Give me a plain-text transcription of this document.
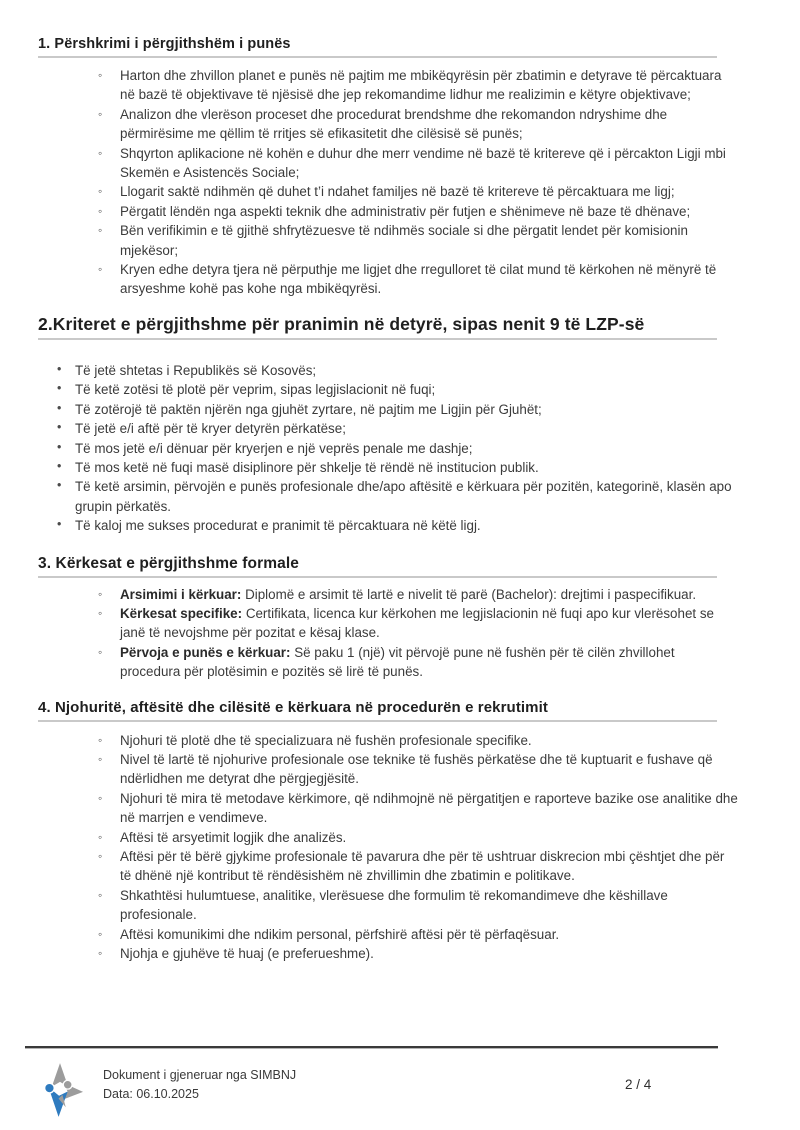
1. Përshkrimi i përgjithshëm i punës
◦ Harton dhe zhvillon planet e punës në pajtim me mbikëqyrësin për zbatimin e detyrave të përcaktuara në bazë të objektivave të njësisë dhe jep rekomandime lidhur me realizimin e këtyre objektivave;
◦ Analizon dhe vlerëson proceset dhe procedurat brendshme dhe rekomandon ndryshime dhe përmirësime me qëllim të rritjes së efikasitetit dhe cilësisë së punës;
◦ Shqyrton aplikacione në kohën e duhur dhe merr vendime në bazë të kritereve që i përcakton Ligji mbi Skemën e Asistencës Sociale;
◦ Llogarit saktë ndihmën që duhet t’i ndahet familjes në bazë të kritereve të përcaktuara me ligj;
◦ Përgatit lëndën nga aspekti teknik dhe administrativ për futjen e shënimeve në baze të dhënave;
◦ Bën verifikimin e të gjithë shfrytëzuesve të ndihmës sociale si dhe përgatit lendet për komisionin mjekësor;
◦ Kryen edhe detyra tjera në përputhje me ligjet dhe rregulloret të cilat mund të kërkohen në mënyrë të arsyeshme kohë pas kohe nga mbikëqyrësi.
2.Kriteret e përgjithshme për pranimin në detyrë, sipas nenit 9 të LZP-së
• Të jetë shtetas i Republikës së Kosovës;
• Të ketë zotësi të plotë për veprim, sipas legjislacionit në fuqi;
• Të zotërojë të paktën njërën nga gjuhët zyrtare, në pajtim me Ligjin për Gjuhët;
• Të jetë e/i aftë për të kryer detyrën përkatëse;
• Të mos jetë e/i dënuar për kryerjen e një veprës penale me dashje;
• Të mos ketë në fuqi masë disiplinore për shkelje të rëndë në institucion publik.
• Të ketë arsimin, përvojën e punës profesionale dhe/apo aftësitë e kërkuara për pozitën, kategorinë, klasën apo grupin përkatës.
• Të kaloj me sukses procedurat e pranimit të përcaktuara në këtë ligj.
3. Kërkesat e përgjithshme formale
◦ Arsimimi i kërkuar: Diplomë e arsimit të lartë e nivelit të parë (Bachelor): drejtimi i paspecifikuar.
◦ Kërkesat specifike: Certifikata, licenca kur kërkohen me legjislacionin në fuqi apo kur vlerësohet se janë të nevojshme për pozitat e kësaj klase.
◦ Përvoja e punës e kërkuar: Së paku 1 (një) vit përvojë pune në fushën për të cilën zhvillohet procedura për plotësimin e pozitës së lirë të punës.
4. Njohuritë, aftësitë dhe cilësitë e kërkuara në procedurën e rekrutimit
◦ Njohuri të plotë dhe të specializuara në fushën profesionale specifike.
◦ Nivel të lartë të njohurive profesionale ose teknike të fushës përkatëse dhe të kuptuarit e fushave që ndërlidhen me detyrat dhe përgjegjësitë.
◦ Njohuri të mira të metodave kërkimore, që ndihmojnë në përgatitjen e raporteve bazike ose analitike dhe në marrjen e vendimeve.
◦ Aftësi të arsyetimit logjik dhe analizës.
◦ Aftësi për të bërë gjykime profesionale të pavarura dhe për të ushtruar diskrecion mbi çështjet dhe për të dhënë një kontribut të rëndësishëm në zhvillimin dhe zbatimin e politikave.
◦ Shkathtësi hulumtuese, analitike, vlerësuese dhe formulim të rekomandimeve dhe këshillave profesionale.
◦ Aftësi komunikimi dhe ndikim personal, përfshirë aftësi për të përfaqësuar.
◦ Njohja e gjuhëve të huaj (e preferueshme).
Dokument i gjeneruar nga SIMBNJ
Data: 06.10.2025
2 / 4
